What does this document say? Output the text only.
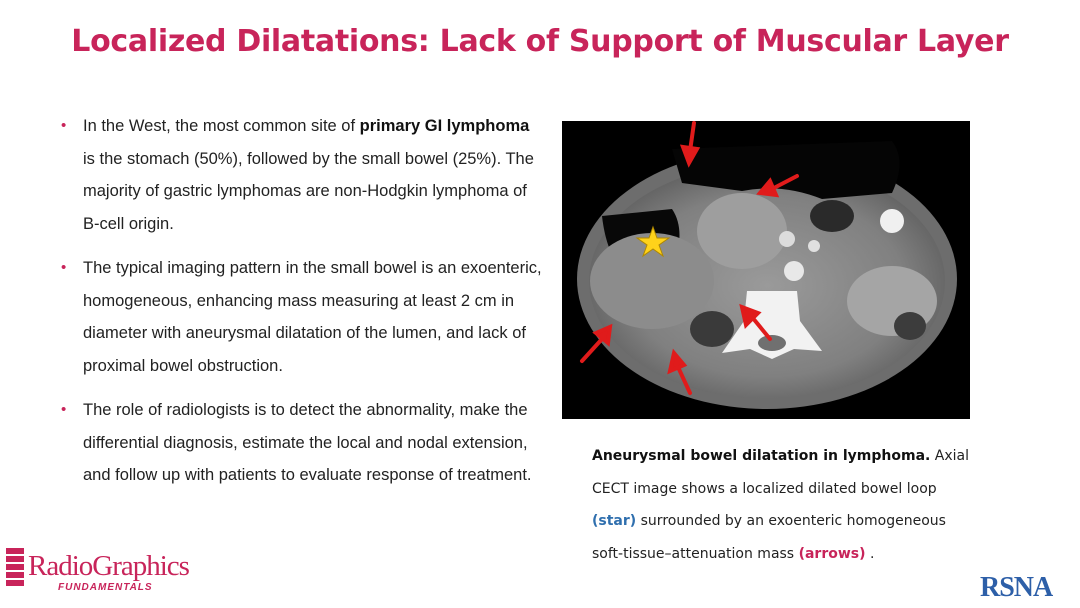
Localized Dilatations: Lack of Support of Muscular Layer
• In the West, the most common site of primary GI lymphoma is the stomach (50%), followed by the small bowel (25%). The majority of gastric lymphomas are non-Hodgkin lymphoma of B-cell origin.
• The typical imaging pattern in the small bowel is an exoenteric, homogeneous, enhancing mass measuring at least 2 cm in diameter with aneurysmal dilatation of the lumen, and lack of proximal bowel obstruction.
• The role of radiologists is to detect the abnormality, make the differential diagnosis, estimate the local and nodal extension, and follow up with patients to evaluate response of treatment.
Aneurysmal bowel dilatation in lymphoma. Axial CECT image shows a localized dilated bowel loop (star) surrounded by an exoenteric homogeneous soft-tissue–attenuation mass (arrows) .
RadioGraphics
FUNDAMENTALS	RSNA
